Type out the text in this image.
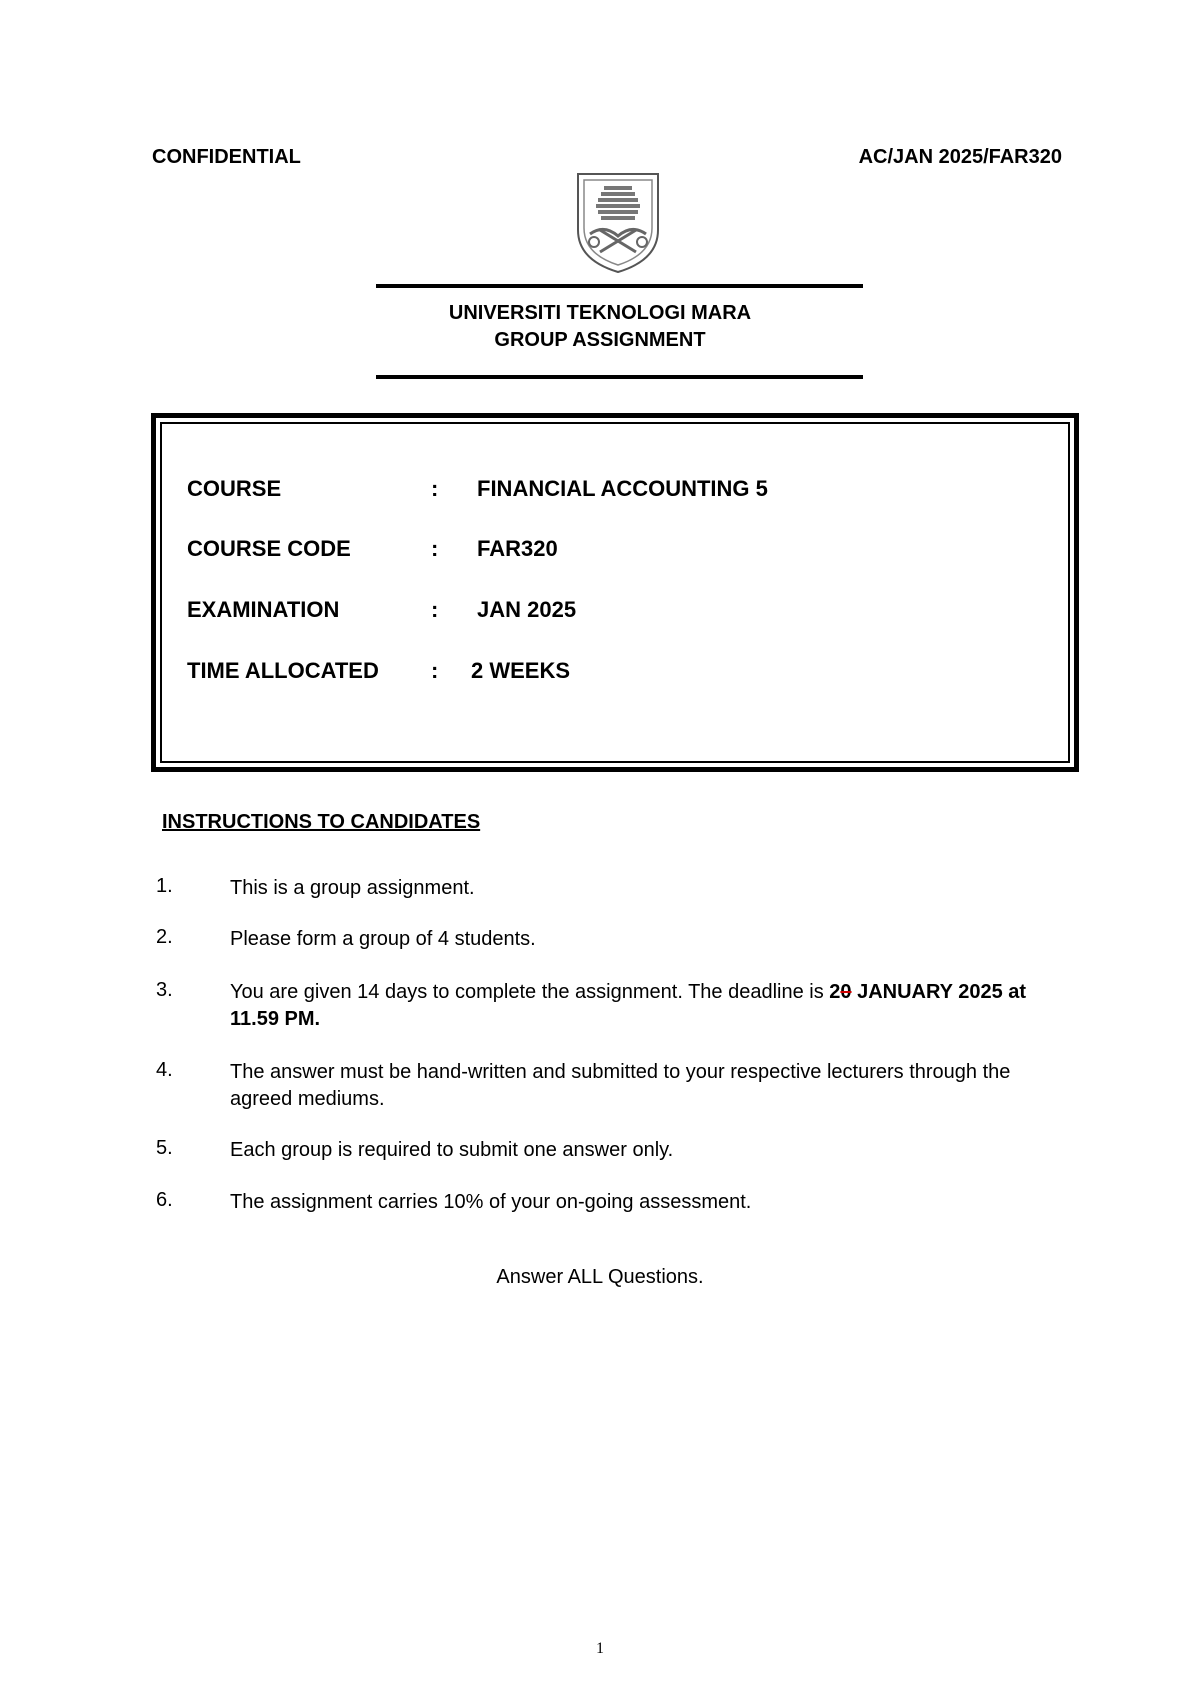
CONFIDENTIAL	AC/JAN 2025/FAR320
UNIVERSITI TEKNOLOGI MARA
GROUP ASSIGNMENT
COURSE	: FINANCIAL ACCOUNTING 5
COURSE CODE	: FAR320
EXAMINATION	: JAN 2025
TIME ALLOCATED : 2 WEEKS
INSTRUCTIONS TO CANDIDATES
1.	This is a group assignment.
2.	Please form a group of 4 students.
3.	You are given 14 days to complete the assignment. The deadline is 20 JANUARY 2025 at 11.59 PM.
4.	The answer must be hand-written and submitted to your respective lecturers through the agreed mediums.
5.	Each group is required to submit one answer only.
6.	The assignment carries 10% of your on-going assessment.
Answer ALL Questions.
1
